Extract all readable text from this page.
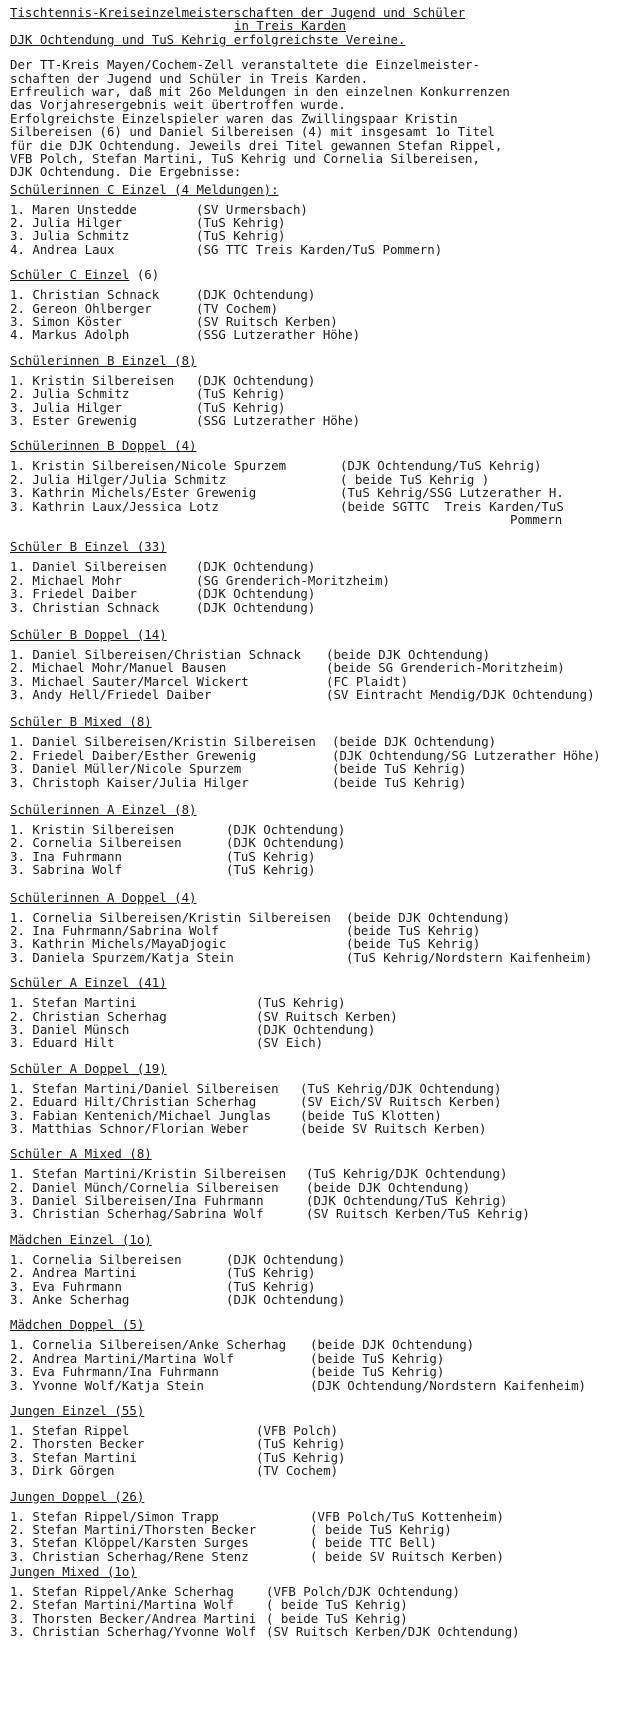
Tischtennis-Kreiseinzelmeisterschaften der Jugend und Schüler
in Treis Karden
DJK Ochtendung und TuS Kehrig erfolgreichste Vereine.
Der TT-Kreis Mayen/Cochem-Zell veranstaltete die Einzelmeister-
schaften der Jugend und Schüler in Treis Karden.
Erfreulich war, daß mit 26o Meldungen in den einzelnen Konkurrenzen
das Vorjahresergebnis weit übertroffen wurde.
Erfolgreichste Einzelspieler waren das Zwillingspaar Kristin
Silbereisen (6) und Daniel Silbereisen (4) mit insgesamt 1o Titel
für die DJK Ochtendung. Jeweils drei Titel gewannen Stefan Rippel,
VFB Polch, Stefan Martini, TuS Kehrig und Cornelia Silbereisen,
DJK Ochtendung. Die Ergebnisse:
Schülerinnen C Einzel (4 Meldungen):
1. Maren Unstedde	(SV Urmersbach)
2. Julia Hilger	(TuS Kehrig)
3. Julia Schmitz	(TuS Kehrig)
4. Andrea Laux	(SG TTC Treis Karden/TuS Pommern)
Schüler C Einzel (6)
1. Christian Schnack	(DJK Ochtendung)
2. Gereon Ohlberger	(TV Cochem)
3. Simon Köster	(SV Ruitsch Kerben)
4. Markus Adolph	(SSG Lutzerather Höhe)
Schülerinnen B Einzel (8)
1. Kristin Silbereisen (DJK Ochtendung)
2. Julia Schmitz	(TuS Kehrig)
3. Julia Hilger	(TuS Kehrig)
3. Ester Grewenig	(SSG Lutzerather Höhe)
Schülerinnen B Doppel (4)
1. Kristin Silbereisen/Nicole Spurzem	(DJK Ochtendung/TuS Kehrig)
2. Julia Hilger/Julia Schmitz	( beide TuS Kehrig )
3. Kathrin Michels/Ester Grewenig	(TuS Kehrig/SSG Lutzerather H.
3. Kathrin Laux/Jessica Lotz	(beide SGTTC  Treis Karden/TuS
Pommern
Schüler B Einzel (33)
1. Daniel Silbereisen (DJK Ochtendung)
2. Michael Mohr	(SG Grenderich-Moritzheim)
3. Friedel Daiber	(DJK Ochtendung)
3. Christian Schnack	(DJK Ochtendung)
Schüler B Doppel (14)
1. Daniel Silbereisen/Christian Schnack (beide DJK Ochtendung)
2. Michael Mohr/Manuel Bausen	(beide SG Grenderich-Moritzheim)
3. Michael Sauter/Marcel Wickert	(FC Plaidt)
3. Andy Hell/Friedel Daiber	(SV Eintracht Mendig/DJK Ochtendung)
Schüler B Mixed (8)
1. Daniel Silbereisen/Kristin Silbereisen (beide DJK Ochtendung)
2. Friedel Daiber/Esther Grewenig	(DJK Ochtendung/SG Lutzerather Höhe)
3. Daniel Müller/Nicole Spurzem	(beide TuS Kehrig)
3. Christoph Kaiser/Julia Hilger	(beide TuS Kehrig)
Schülerinnen A Einzel (8)
1. Kristin Silbereisen	(DJK Ochtendung)
2. Cornelia Silbereisen	(DJK Ochtendung)
3. Ina Fuhrmann	(TuS Kehrig)
3. Sabrina Wolf	(TuS Kehrig)
Schülerinnen A Doppel (4)
1. Cornelia Silbereisen/Kristin Silbereisen (beide DJK Ochtendung)
2. Ina Fuhrmann/Sabrina Wolf	(beide TuS Kehrig)
3. Kathrin Michels/MayaDjogic	(beide TuS Kehrig)
3. Daniela Spurzem/Katja Stein	(TuS Kehrig/Nordstern Kaifenheim)
Schüler A Einzel (41)
1. Stefan Martini	(TuS Kehrig)
2. Christian Scherhag	(SV Ruitsch Kerben)
3. Daniel Münsch	(DJK Ochtendung)
3. Eduard Hilt	(SV Eich)
Schüler A Doppel (19)
1. Stefan Martini/Daniel Silbereisen (TuS Kehrig/DJK Ochtendung)
2. Eduard Hilt/Christian Scherhag	(SV Eich/SV Ruitsch Kerben)
3. Fabian Kentenich/Michael Junglas (beide TuS Klotten)
3. Matthias Schnor/Florian Weber	(beide SV Ruitsch Kerben)
Schüler A Mixed (8)
1. Stefan Martini/Kristin Silbereisen (TuS Kehrig/DJK Ochtendung)
2. Daniel Münch/Cornelia Silbereisen (beide DJK Ochtendung)
3. Daniel Silbereisen/Ina Fuhrmann	(DJK Ochtendung/TuS Kehrig)
3. Christian Scherhag/Sabrina Wolf	(SV Ruitsch Kerben/TuS Kehrig)
Mädchen Einzel (1o)
1. Cornelia Silbereisen	(DJK Ochtendung)
2. Andrea Martini	(TuS Kehrig)
3. Eva Fuhrmann	(TuS Kehrig)
3. Anke Scherhag	(DJK Ochtendung)
Mädchen Doppel (5)
1. Cornelia Silbereisen/Anke Scherhag (beide DJK Ochtendung)
2. Andrea Martini/Martina Wolf	(beide TuS Kehrig)
3. Eva Fuhrmann/Ina Fuhrmann	(beide TuS Kehrig)
3. Yvonne Wolf/Katja Stein	(DJK Ochtendung/Nordstern Kaifenheim)
Jungen Einzel (55)
1. Stefan Rippel	(VFB Polch)
2. Thorsten Becker	(TuS Kehrig)
3. Stefan Martini	(TuS Kehrig)
3. Dirk Görgen	(TV Cochem)
Jungen Doppel (26)
1. Stefan Rippel/Simon Trapp	(VFB Polch/TuS Kottenheim)
2. Stefan Martini/Thorsten Becker	( beide TuS Kehrig)
3. Stefan Klöppel/Karsten Surges	( beide TTC Bell)
3. Christian Scherhag/Rene Stenz	( beide SV Ruitsch Kerben)
Jungen Mixed (1o)
1. Stefan Rippel/Anke Scherhag	(VFB Polch/DJK Ochtendung)
2. Stefan Martini/Martina Wolf	( beide TuS Kehrig)
3. Thorsten Becker/Andrea Martini ( beide TuS Kehrig)
3. Christian Scherhag/Yvonne Wolf (SV Ruitsch Kerben/DJK Ochtendung)
